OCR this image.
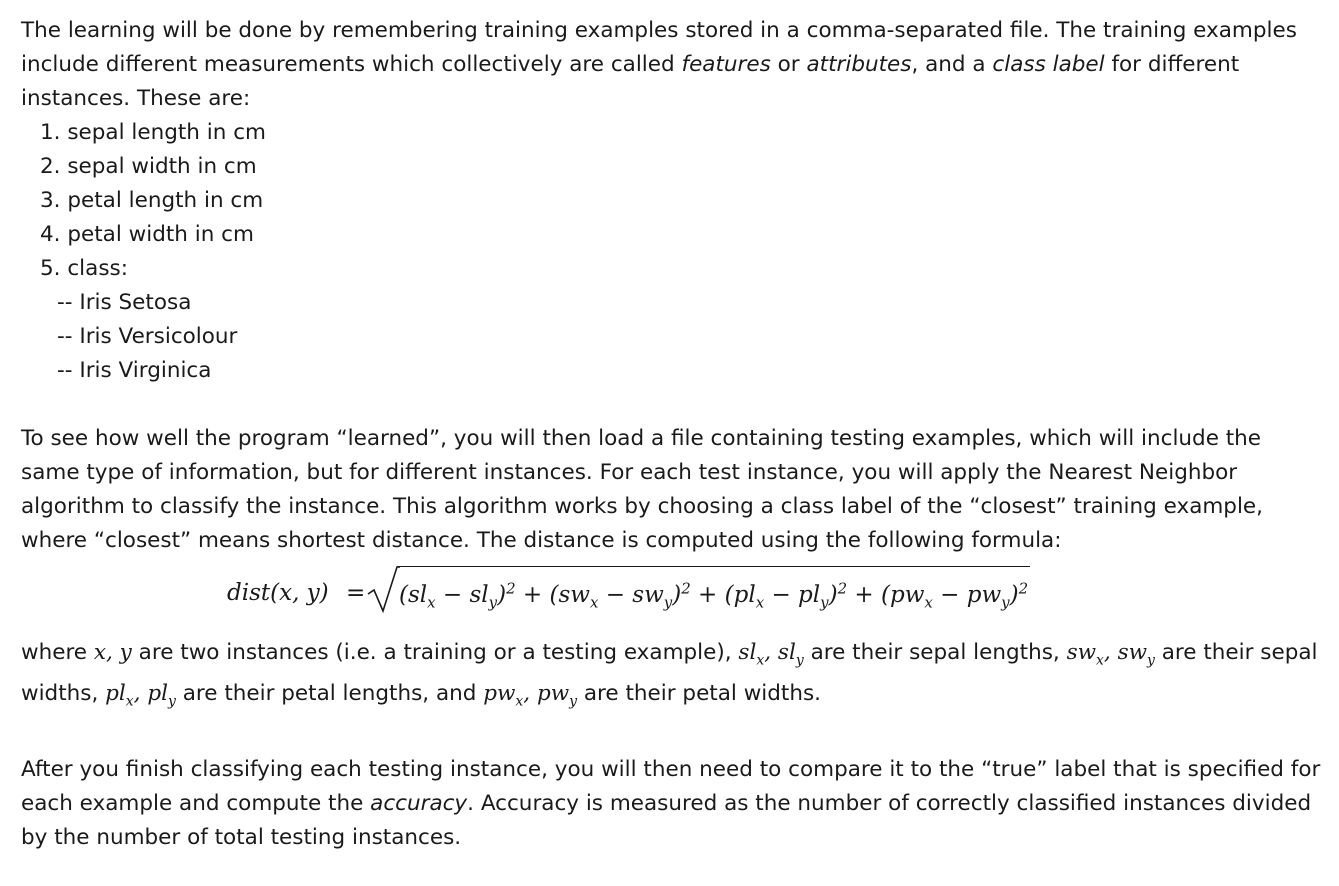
The learning will be done by remembering training examples stored in a comma-separated file. The training examples include different measurements which collectively are called features or attributes, and a class label for different instances. These are:

1. sepal length in cm
2. sepal width in cm
3. petal length in cm
4. petal width in cm
5. class:
-- Iris Setosa
-- Iris Versicolour
-- Iris Virginica

To see how well the program “learned”, you will then load a file containing testing examples, which will include the same type of information, but for different instances. For each test instance, you will apply the Nearest Neighbor algorithm to classify the instance. This algorithm works by choosing a class label of the “closest” training example, where “closest” means shortest distance. The distance is computed using the following formula:

dist(x, $y) = (sl_x - sl_y)^2 + (sw_x - sw_y)^2 + (pl_x - pl_y)^2 + (pw_x - pw_y)^2$

where x, y are two instances (i.e. a training or a testing example), $sl_x$, $sl_y$ are their sepal lengths, $sw_x$, $sw_y$ are their sepal widths, $pl_x$, $pl_y$ are their petal lengths, and $pw_x$, $pw_y$ are their petal widths.

After you finish classifying each testing instance, you will then need to compare it to the “true” label that is specified for each example and compute the accuracy. Accuracy is measured as the number of correctly classified instances divided by the number of total testing instances.
